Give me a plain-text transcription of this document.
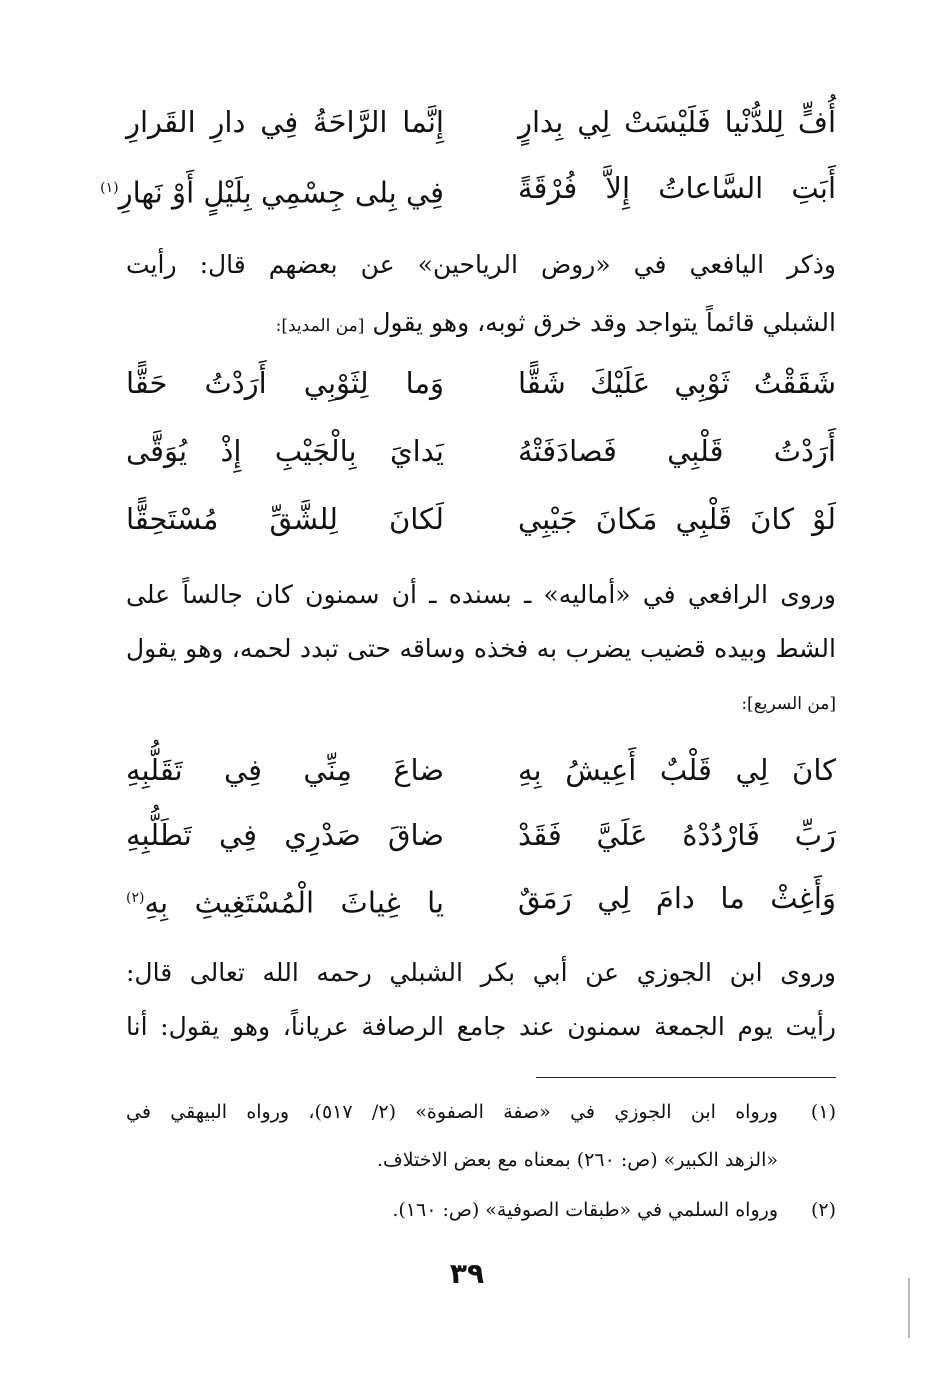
أُفٍّ لِلدُّنْيا فَلَيْسَتْ لِي بِدارٍ
إِنَّما الرَّاحَةُ فِي دارِ القَرارِ
أَبَتِ السَّاعاتُ إِلاَّ فُرْقَةً
فِي بِلى جِسْمِي بِلَيْلٍ أَوْ نَهارِ$^{(١)}$

وذكر اليافعي في «روض الرياحين» عن بعضهم قال: رأيت

الشبلي قائماً يتواجد وقد خرق ثوبه، وهو يقول [من المديد]:

شَقَقْتُ ثَوْبِي عَلَيْكَ شَقًّا
وَما لِثَوْبِي أَرَدْتُ حَقًّا
أَرَدْتُ قَلْبِي فَصادَفَتْهُ
يَدايَ بِالْجَيْبِ إِذْ يُوَقَّى
لَوْ كانَ قَلْبِي مَكانَ جَيْبِي
لَكانَ لِلشَّقِّ مُسْتَحِقًّا

وروى الرافعي في «أماليه» ـ بسنده ـ أن سمنون كان جالساً على

الشط وبيده قضيب يضرب به فخذه وساقه حتى تبدد لحمه، وهو يقول

[من السريع]:

كانَ لِي قَلْبٌ أَعِيشُ بِهِ
ضاعَ مِنِّي فِي تَقَلُّبِهِ
رَبِّ فَارْدُدْهُ عَلَيَّ فَقَدْ
ضاقَ صَدْرِي فِي تَطَلُّبِهِ
وَأَغِثْ ما دامَ لِي رَمَقٌ
يا غِياثَ الْمُسْتَغِيثِ بِهِ$^{(٢)}$

وروى ابن الجوزي عن أبي بكر الشبلي رحمه الله تعالى قال:

رأيت يوم الجمعة سمنون عند جامع الرصافة عرياناً، وهو يقول: أنا

(١)ورواه ابن الجوزي في «صفة الصفوة» (٢/ ٥١٧)، ورواه البيهقي في

«الزهد الكبير» (ص: ٢٦٠) بمعناه مع بعض الاختلاف.

(٢)ورواه السلمي في «طبقات الصوفية» (ص: ١٦٠).

٣٩
